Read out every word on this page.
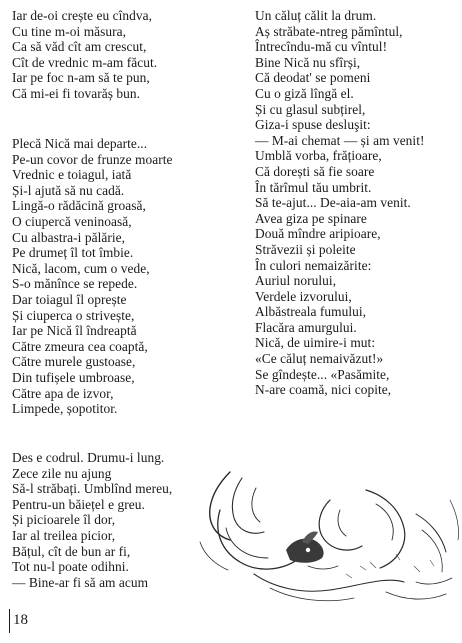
Iar de-oi crește eu cîndva,
Cu tine m-oi măsura,
Ca să văd cît am crescut,
Cît de vrednic m-am făcut.
Iar pe foc n-am să te pun,
Că mi-ei fi tovarăș bun.
Plecă Nică mai departe...
Pe-un covor de frunze moarte
Vrednic e toiagul, iată
Și-l ajută să nu cadă.
Lingă-o rădăcină groasă,
O ciupercă veninoasă,
Cu albastra-i pălărie,
Pe drumeț îl tot îmbie.
Nică, lacom, cum o vede,
S-o mănînce se repede.
Dar toiagul îl oprește
Și ciuperca o strivește,
Iar pe Nică îl îndreaptă
Către zmeura cea coaptă,
Către murele gustoase,
Din tufișele umbroase,
Către apa de izvor,
Limpede, șopotitor.
Un căluț călit la drum.
Aș străbate-ntreg pămîntul,
Întrecîndu-mă cu vîntul!
Bine Nică nu sfîrși,
Că deodat' se pomeni
Cu o giză lîngă el.
Și cu glasul subțirel,
Giza-i spuse desluşit:
— M-ai chemat — și am venit!
Umblă vorba, frățioare,
Că dorești să fie soare
În tărîmul tău umbrit.
Să te-ajut... De-aia-am venit.
Avea giza pe spinare
Două mîndre aripioare,
Străvezii și poleite
În culori nemaizărite:
Auriul norului,
Verdele izvorului,
Albăstreala fumului,
Flacăra amurgului.
Nică, de uimire-i mut:
«Ce căluț nemaivăzut!»
Se gîndește... «Pasămite,
N-are coamă, nici copite,
Des e codrul. Drumu-i lung.
Zece zile nu ajung
Să-l străbați. Umblînd mereu,
Pentru-un băiețel e greu.
Și picioarele îl dor,
Iar al treilea picior,
Bățul, cît de bun ar fi,
Tot nu-l poate odihni.
— Bine-ar fi să am acum
18
